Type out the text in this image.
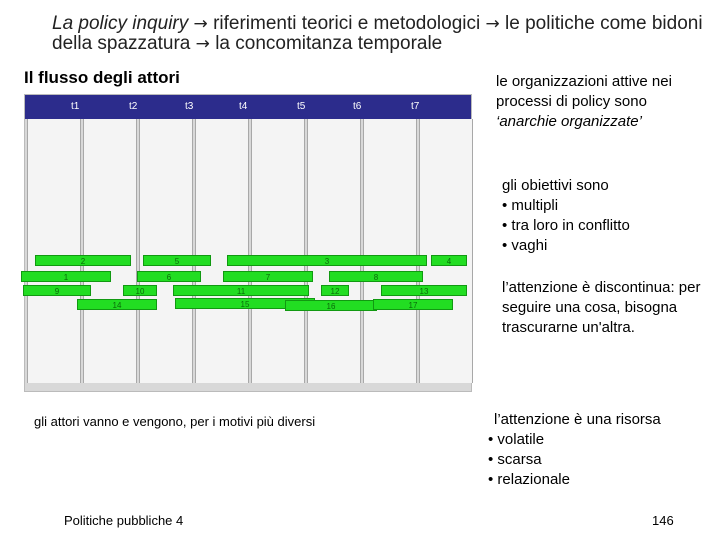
La policy inquiry → riferimenti teorici e metodologici → le politiche come bidoni della spazzatura → la concomitanza temporale
Il flusso degli attori
t1	t2	t3	t4	t5	t6	t7
2	5	3	4
1	6	7	8
9	10	11	12	13
14	15	16	17
le organizzazioni attive nei processi di policy sono ‘anarchie organizzate’
gli obiettivi sono
• multipli
• tra loro in conflitto
• vaghi
l’attenzione è discontinua: per seguire una cosa, bisogna trascurarne un'altra.
l’attenzione è una risorsa
• volatile
• scarsa
• relazionale
gli attori vanno e vengono, per i motivi più diversi
Politiche pubbliche 4	146
